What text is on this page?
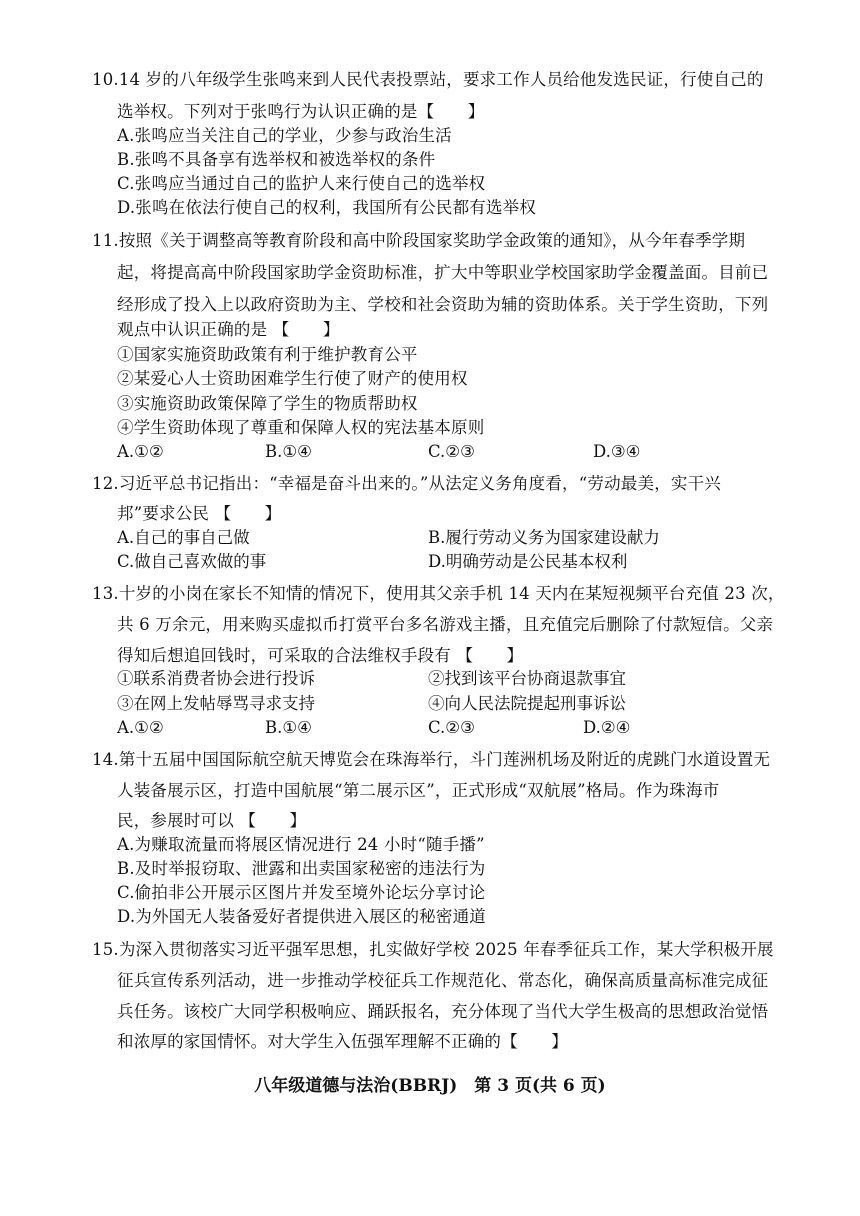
10.14 岁的八年级学生张鸣来到人民代表投票站，要求工作人员给他发选民证，行使自己的
选举权。下列对于张鸣行为认识正确的是【　　】
A.张鸣应当关注自己的学业，少参与政治生活
B.张鸣不具备享有选举权和被选举权的条件
C.张鸣应当通过自己的监护人来行使自己的选举权
D.张鸣在依法行使自己的权利，我国所有公民都有选举权
11.按照《关于调整高等教育阶段和高中阶段国家奖助学金政策的通知》，从今年春季学期
起，将提高高中阶段国家助学金资助标准，扩大中等职业学校国家助学金覆盖面。目前已
经形成了投入上以政府资助为主、学校和社会资助为辅的资助体系。关于学生资助，下列
观点中认识正确的是 【　　】
①国家实施资助政策有利于维护教育公平
②某爱心人士资助困难学生行使了财产的使用权
③实施资助政策保障了学生的物质帮助权
④学生资助体现了尊重和保障人权的宪法基本原则
A.①②	B.①④	C.②③	D.③④
12.习近平总书记指出：“幸福是奋斗出来的。”从法定义务角度看，“劳动最美，实干兴
邦”要求公民 【　　】
A.自己的事自己做	B.履行劳动义务为国家建设献力
C.做自己喜欢做的事	D.明确劳动是公民基本权利
13.十岁的小岗在家长不知情的情况下，使用其父亲手机 14 天内在某短视频平台充值 23 次，
共 6 万余元，用来购买虚拟币打赏平台多名游戏主播，且充值完后删除了付款短信。父亲
得知后想追回钱时，可采取的合法维权手段有 【　　】
①联系消费者协会进行投诉	②找到该平台协商退款事宜
③在网上发帖辱骂寻求支持	④向人民法院提起刑事诉讼
A.①②	B.①④	C.②③	D.②④
14.第十五届中国国际航空航天博览会在珠海举行，斗门莲洲机场及附近的虎跳门水道设置无
人装备展示区，打造中国航展“第二展示区”，正式形成“双航展”格局。作为珠海市
民，参展时可以 【　　】
A.为赚取流量而将展区情况进行 24 小时“随手播”
B.及时举报窃取、泄露和出卖国家秘密的违法行为
C.偷拍非公开展示区图片并发至境外论坛分享讨论
D.为外国无人装备爱好者提供进入展区的秘密通道
15.为深入贯彻落实习近平强军思想，扎实做好学校 2025 年春季征兵工作，某大学积极开展
征兵宣传系列活动，进一步推动学校征兵工作规范化、常态化，确保高质量高标准完成征
兵任务。该校广大同学积极响应、踊跃报名，充分体现了当代大学生极高的思想政治觉悟
和浓厚的家国情怀。对大学生入伍强军理解不正确的【　　】
八年级道德与法治(BBRJ)　第 3 页(共 6 页)
